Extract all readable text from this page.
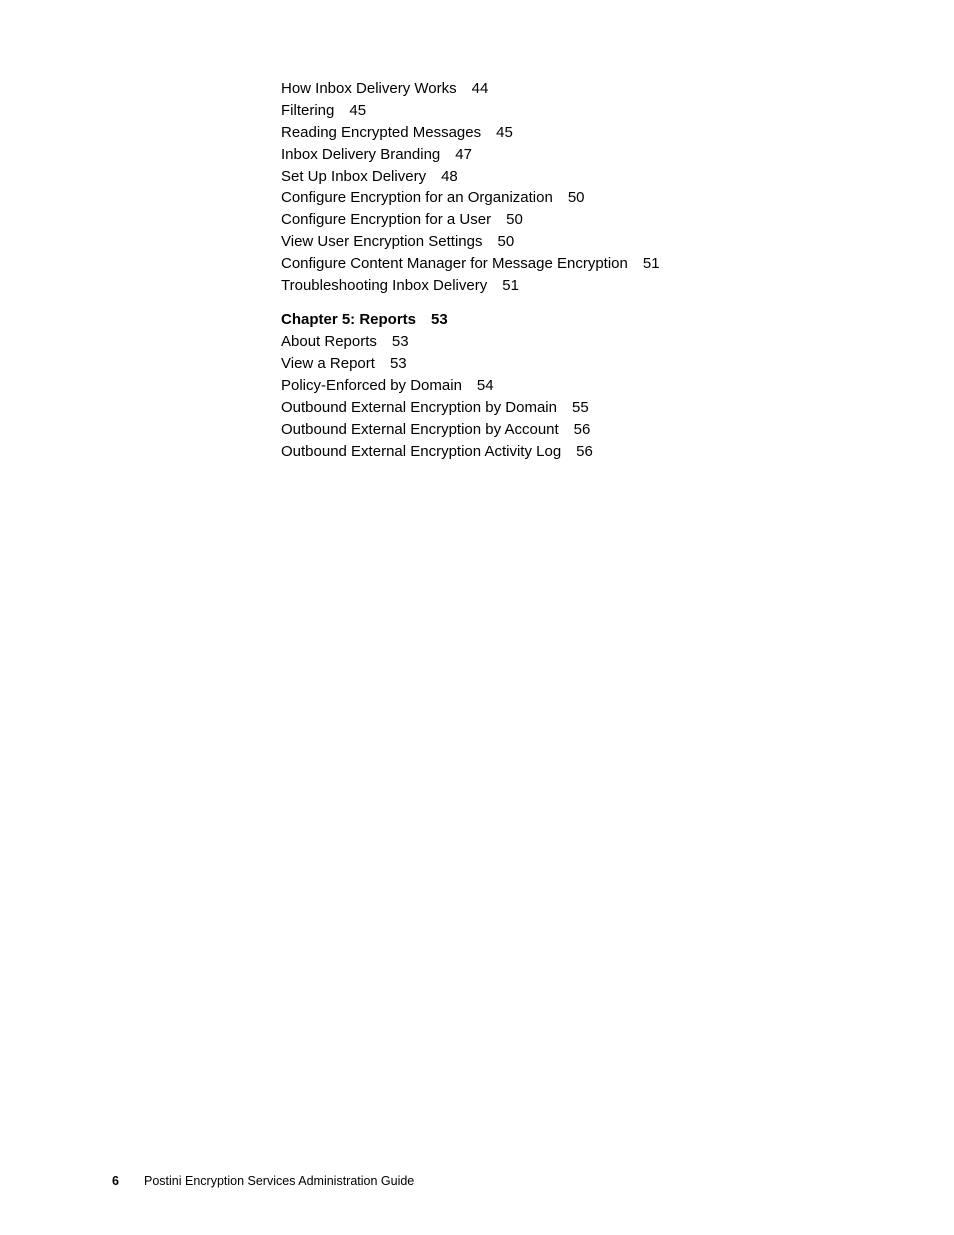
How Inbox Delivery Works 44
Filtering 45
Reading Encrypted Messages 45
Inbox Delivery Branding 47
Set Up Inbox Delivery 48
Configure Encryption for an Organization 50
Configure Encryption for a User 50
View User Encryption Settings 50
Configure Content Manager for Message Encryption 51
Troubleshooting Inbox Delivery 51
Chapter 5: Reports 53
About Reports 53
View a Report 53
Policy-Enforced by Domain 54
Outbound External Encryption by Domain 55
Outbound External Encryption by Account 56
Outbound External Encryption Activity Log 56
6 Postini Encryption Services Administration Guide
